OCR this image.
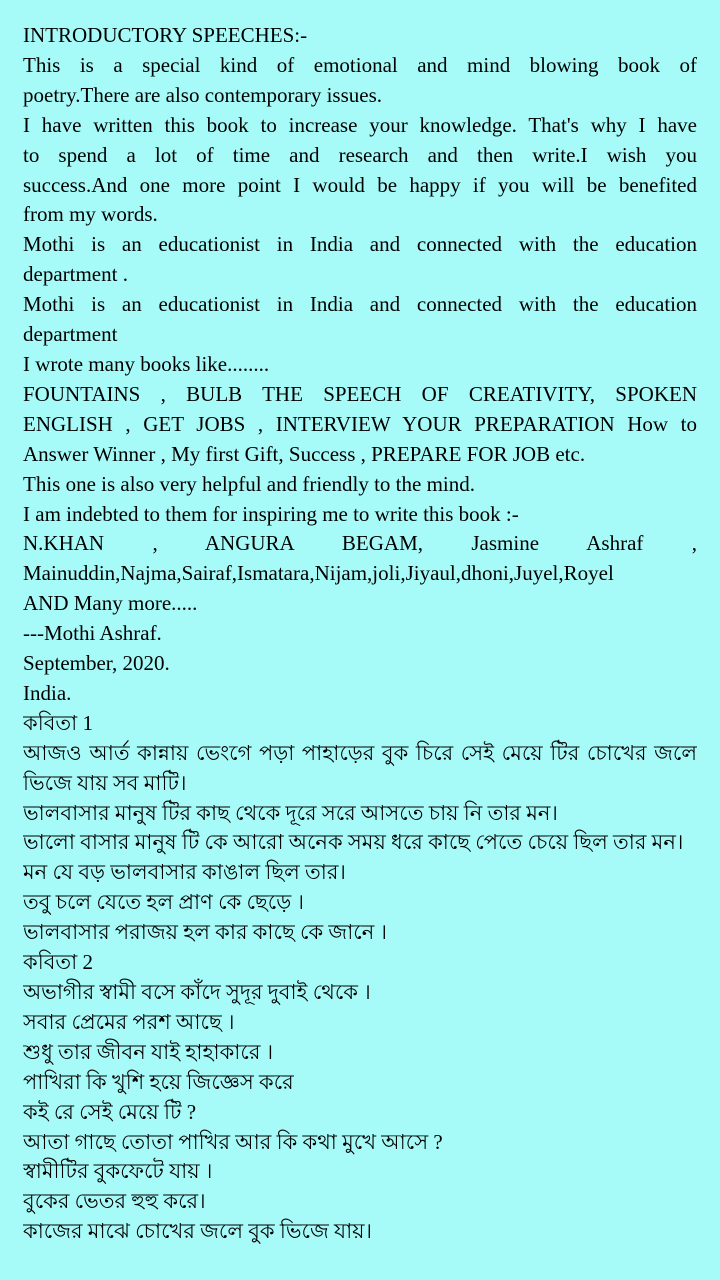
INTRODUCTORY SPEECHES:-
This is a special kind of emotional and mind blowing book of
poetry.There are also contemporary issues.
I have written this book to increase your knowledge. That's why I have
to spend a lot of time and research and then write.I wish you
success.And one more point I would be happy if you will be benefited
from my words.
Mothi is an educationist in India and connected with the education
department .
Mothi is an educationist in India and connected with the education
department
I wrote many books like........
FOUNTAINS , BULB THE SPEECH OF CREATIVITY, SPOKEN
ENGLISH , GET JOBS , INTERVIEW YOUR PREPARATION How to
Answer Winner , My first Gift, Success , PREPARE FOR JOB etc.
This one is also very helpful and friendly to the mind.
I am indebted to them for inspiring me to write this book :-
N.KHAN , ANGURA BEGAM, Jasmine Ashraf ,
Mainuddin,Najma,Sairaf,Ismatara,Nijam,joli,Jiyaul,dhoni,Juyel,Royel
AND Many more.....
---Mothi Ashraf.
September, 2020.
India.
কবিতা 1
আজও আর্ত কান্নায় ভেংগে পড়া পাহাড়ের বুক চিরে সেই মেয়ে টির চোখের জলে
ভিজে যায় সব মাটি।
ভালবাসার মানুষ টির কাছ থেকে দূরে সরে আসতে চায় নি তার মন।
ভালো বাসার মানুষ টি কে আরো অনেক সময় ধরে কাছে পেতে চেয়ে ছিল তার মন।
মন যে বড় ভালবাসার কাঙাল ছিল তার।
তবু চলে যেতে হল প্রাণ কে ছেড়ে ।
ভালবাসার পরাজয় হল কার কাছে কে জানে ।
কবিতা 2
অভাগীর স্বামী বসে কাঁদে সুদূর দুবাই থেকে ।
সবার প্রেমের পরশ আছে ।
শুধু তার জীবন যাই হাহাকারে ।
পাখিরা কি খুশি হয়ে জিজ্ঞেস করে
কই রে সেই মেয়ে টি ?
আতা গাছে তোতা পাখির আর কি কথা মুখে আসে ?
স্বামীটির বুকফেটে যায় ।
বুকের ভেতর হুহু করে।
কাজের মাঝে চোখের জলে বুক ভিজে যায়।
